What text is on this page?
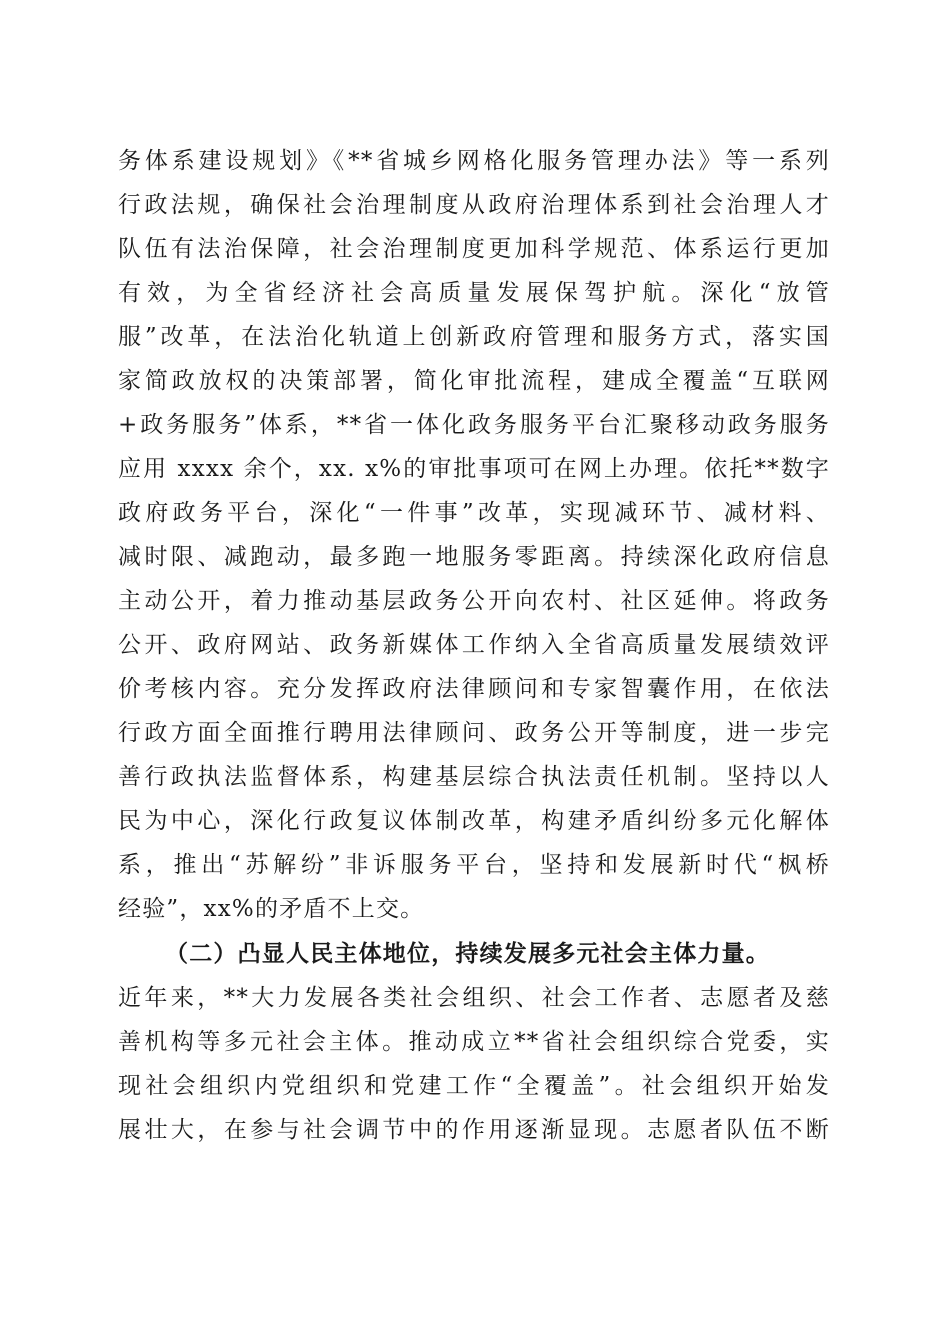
务体系建设规划》《**省城乡网格化服务管理办法》等一系列
行政法规，确保社会治理制度从政府治理体系到社会治理人才
队伍有法治保障，社会治理制度更加科学规范、体系运行更加
有效，为全省经济社会高质量发展保驾护航。深化“放管
服”改革，在法治化轨道上创新政府管理和服务方式，落实国
家简政放权的决策部署，简化审批流程，建成全覆盖“互联网
+政务服务”体系，**省一体化政务服务平台汇聚移动政务服务
应用 xxxx 余个，xx. x%的审批事项可在网上办理。依托**数字
政府政务平台，深化“一件事”改革，实现减环节、减材料、
减时限、减跑动，最多跑一地服务零距离。持续深化政府信息
主动公开，着力推动基层政务公开向农村、社区延伸。将政务
公开、政府网站、政务新媒体工作纳入全省高质量发展绩效评
价考核内容。充分发挥政府法律顾问和专家智囊作用，在依法
行政方面全面推行聘用法律顾问、政务公开等制度，进一步完
善行政执法监督体系，构建基层综合执法责任机制。坚持以人
民为中心，深化行政复议体制改革，构建矛盾纠纷多元化解体
系，推出“苏解纷”非诉服务平台，坚持和发展新时代“枫桥
经验”，xx%的矛盾不上交。
（二）凸显人民主体地位，持续发展多元社会主体力量。
近年来，**大力发展各类社会组织、社会工作者、志愿者及慈
善机构等多元社会主体。推动成立**省社会组织综合党委，实
现社会组织内党组织和党建工作“全覆盖”。社会组织开始发
展壮大，在参与社会调节中的作用逐渐显现。志愿者队伍不断
